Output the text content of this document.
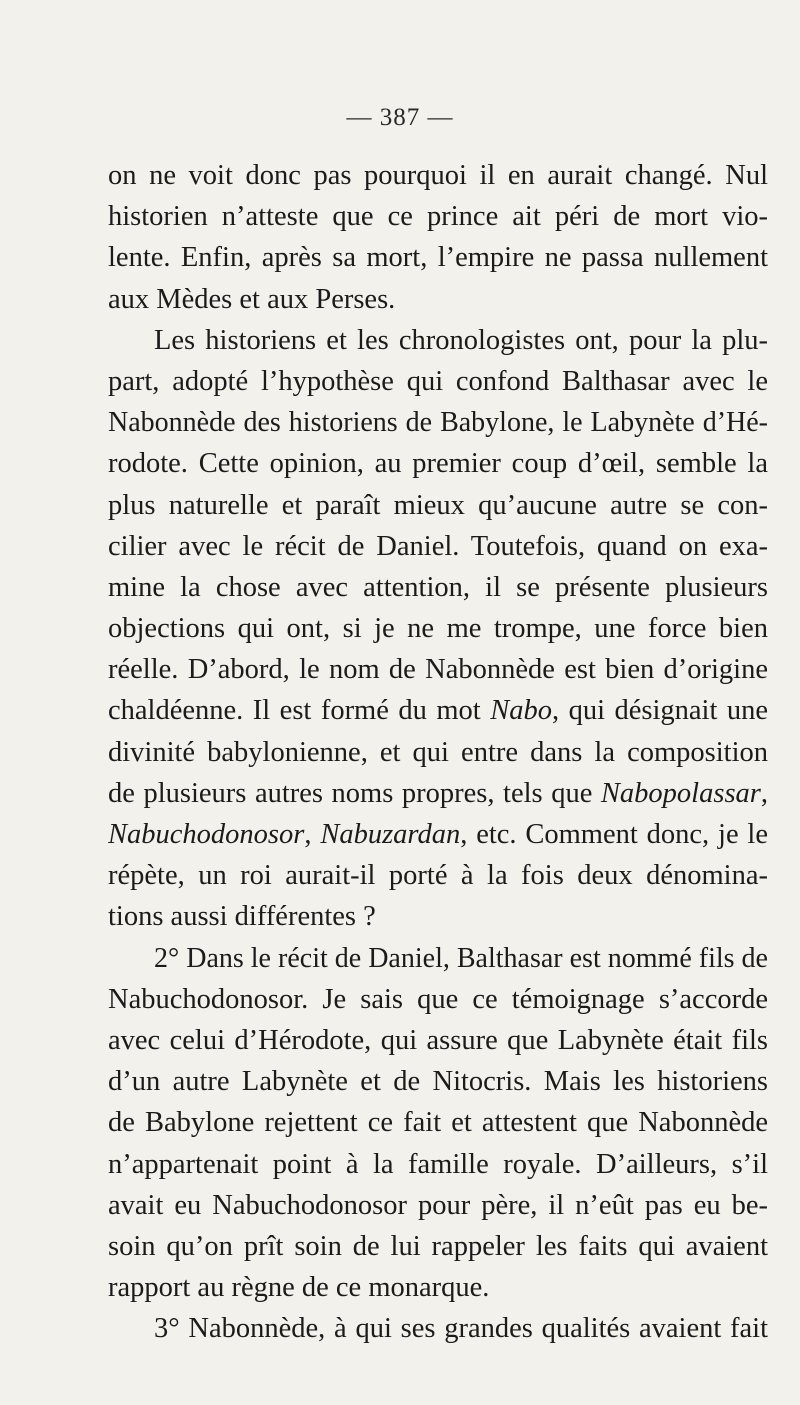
— 387 —
on ne voit donc pas pourquoi il en aurait changé. Nul
historien n’atteste que ce prince ait péri de mort vio-
lente. Enfin, après sa mort, l’empire ne passa nullement
aux Mèdes et aux Perses.
Les historiens et les chronologistes ont, pour la plu-
part, adopté l’hypothèse qui confond Balthasar avec le
Nabonnède des historiens de Babylone, le Labynète d’Hé-
rodote. Cette opinion, au premier coup d’œil, semble la
plus naturelle et paraît mieux qu’aucune autre se con-
cilier avec le récit de Daniel. Toutefois, quand on exa-
mine la chose avec attention, il se présente plusieurs
objections qui ont, si je ne me trompe, une force bien
réelle. D’abord, le nom de Nabonnède est bien d’origine
chaldéenne. Il est formé du mot Nabo, qui désignait une
divinité babylonienne, et qui entre dans la composition
de plusieurs autres noms propres, tels que Nabopolassar,
Nabuchodonosor, Nabuzardan, etc. Comment donc, je le
répète, un roi aurait-il porté à la fois deux dénomina-
tions aussi différentes ?
2° Dans le récit de Daniel, Balthasar est nommé fils de
Nabuchodonosor. Je sais que ce témoignage s’accorde
avec celui d’Hérodote, qui assure que Labynète était fils
d’un autre Labynète et de Nitocris. Mais les historiens
de Babylone rejettent ce fait et attestent que Nabonnède
n’appartenait point à la famille royale. D’ailleurs, s’il
avait eu Nabuchodonosor pour père, il n’eût pas eu be-
soin qu’on prît soin de lui rappeler les faits qui avaient
rapport au règne de ce monarque.
3° Nabonnède, à qui ses grandes qualités avaient fait
